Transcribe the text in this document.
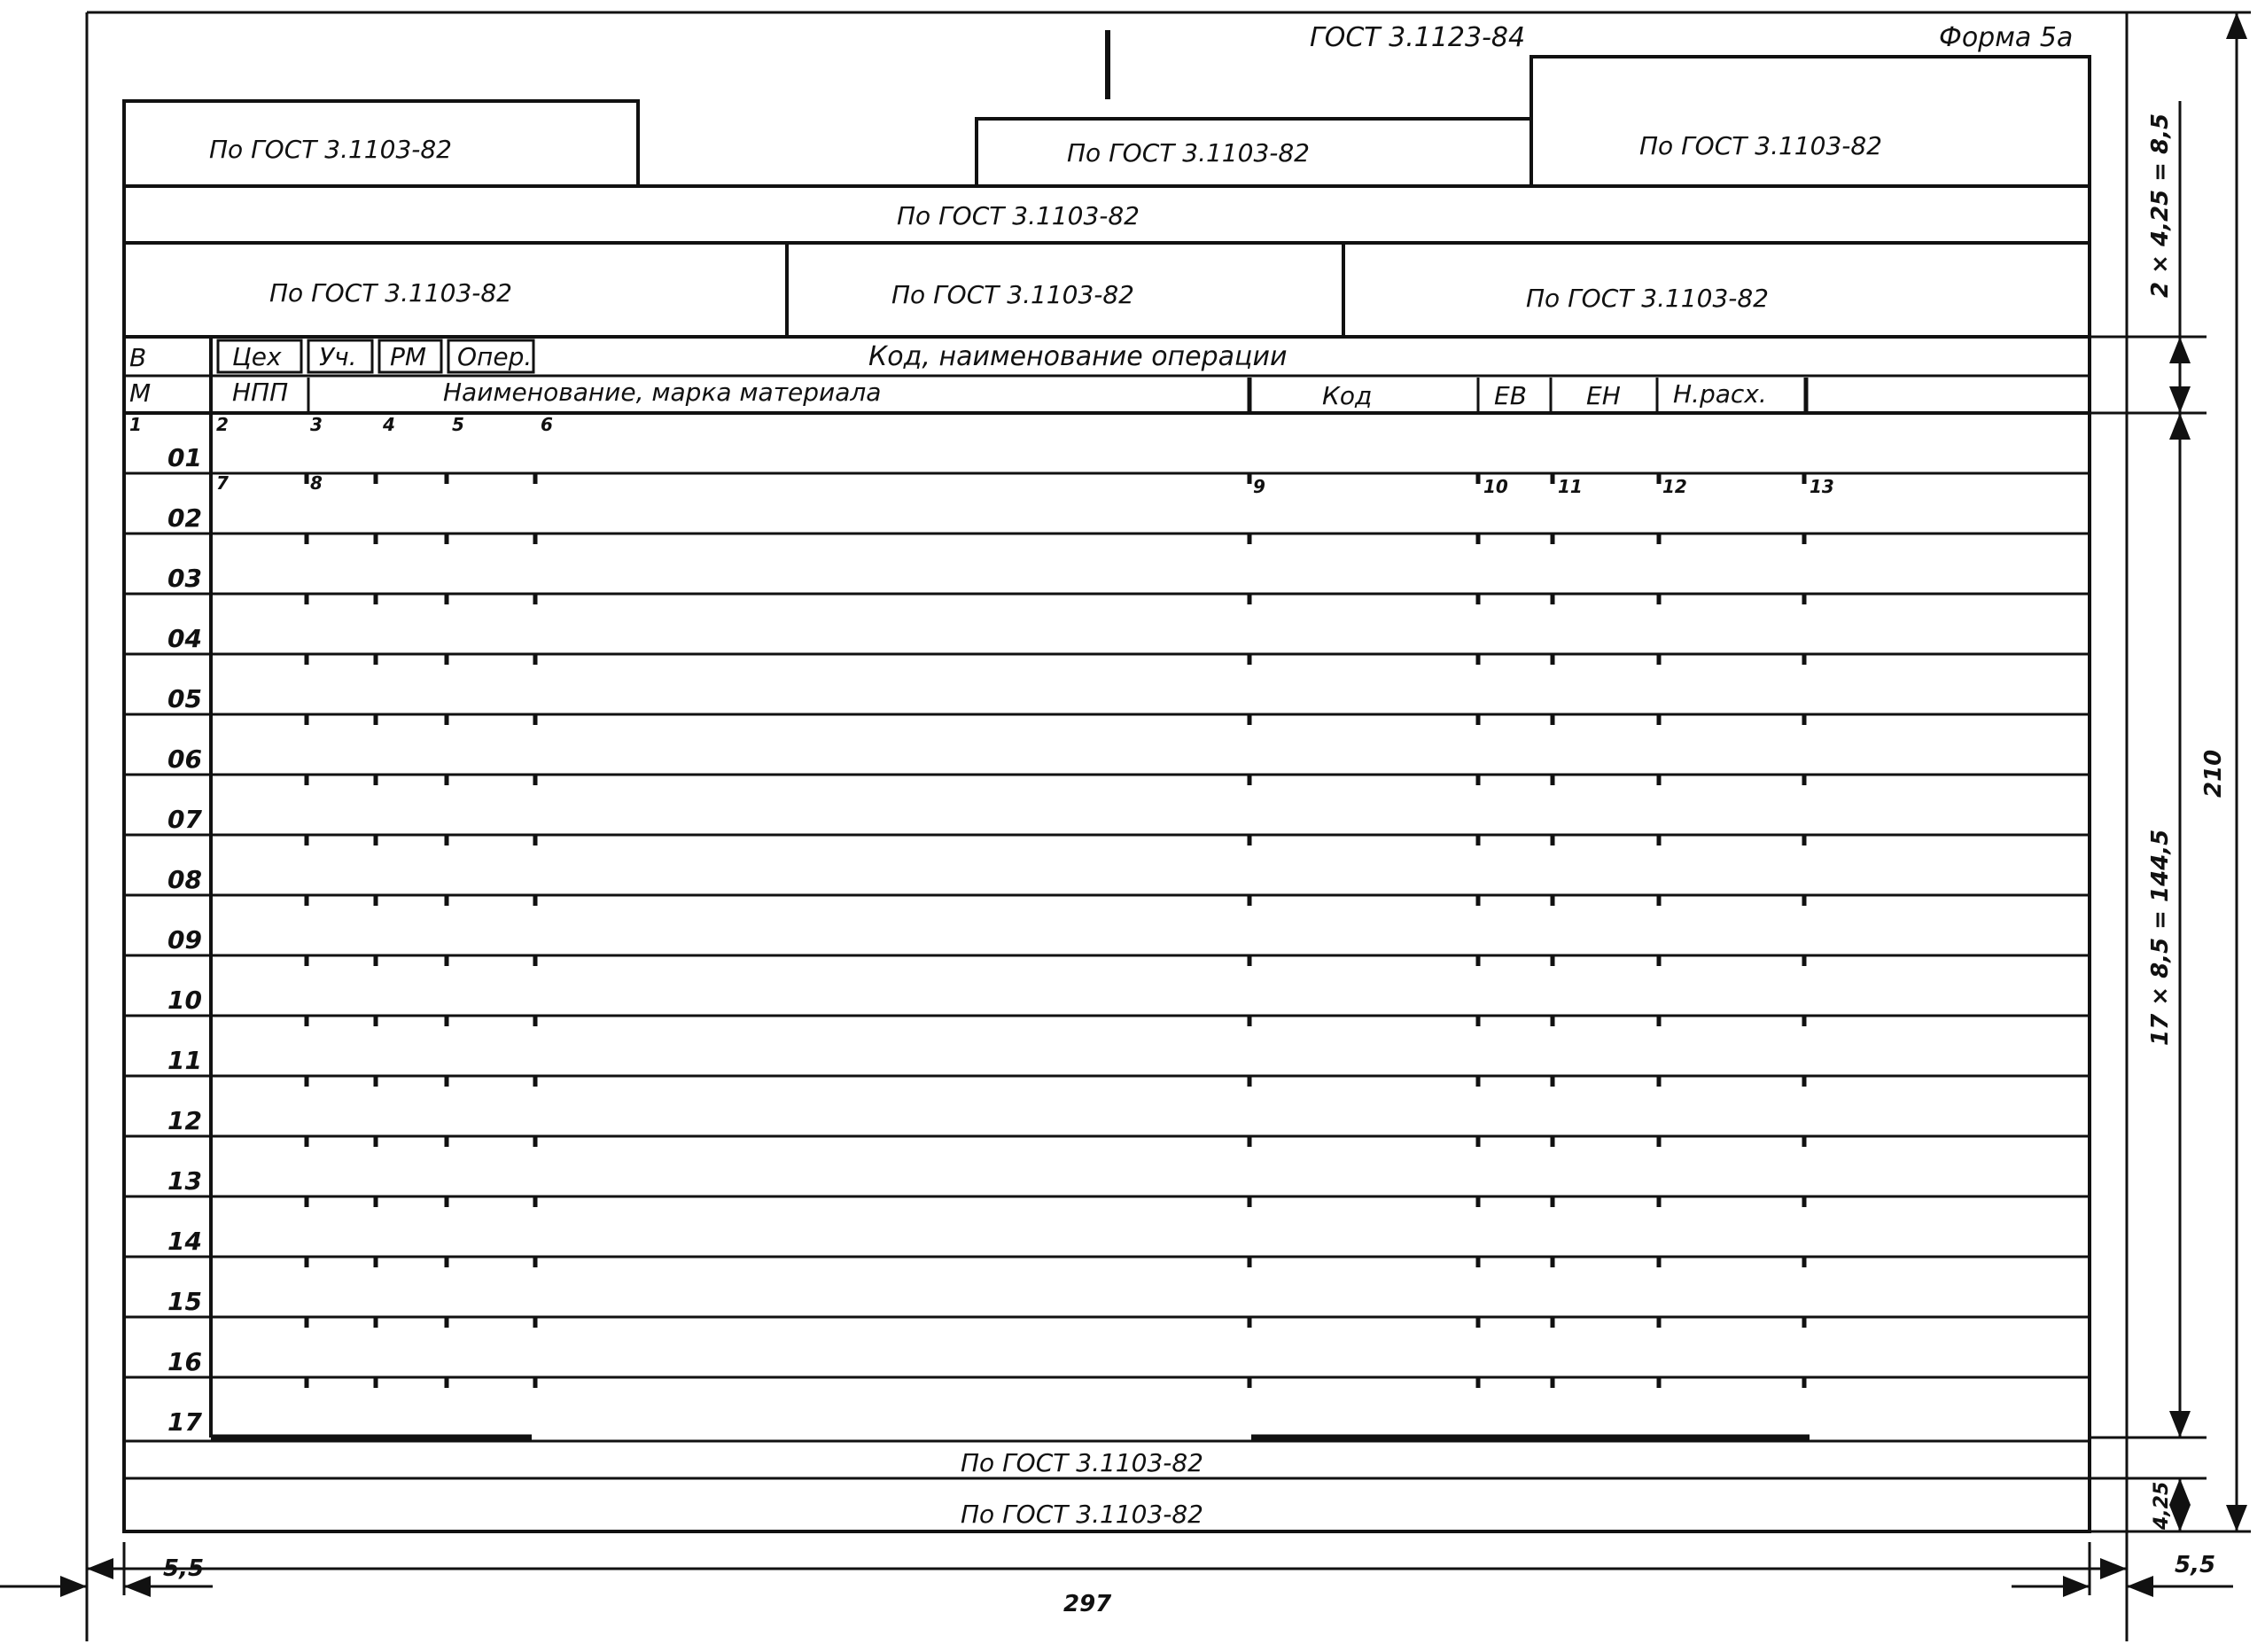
ГОСТ 3.1123-84	Форма 5а
По ГОСТ 3.1103-82	По ГОСТ 3.1103-82	По ГОСТ 3.1103-82
По ГОСТ 3.1103-82
По ГОСТ 3.1103-82	По ГОСТ 3.1103-82	По ГОСТ 3.1103-82
В	Цех Уч. РМ Опер.	Код, наименование операции
М	НПП	Наименование, марка материала	Код	ЕВ ЕН Н.расх.
1	2	3	4	5	6
7	8	9	10	11	12	13
01
02
03
04
05
06
07
08
09
10
11
12
13
14
15
16
17
По ГОСТ 3.1103-82
По ГОСТ 3.1103-82
297
5,5	5,5
210
2 × 4,25 = 8,5
17 × 8,5 = 144,5
4,25
